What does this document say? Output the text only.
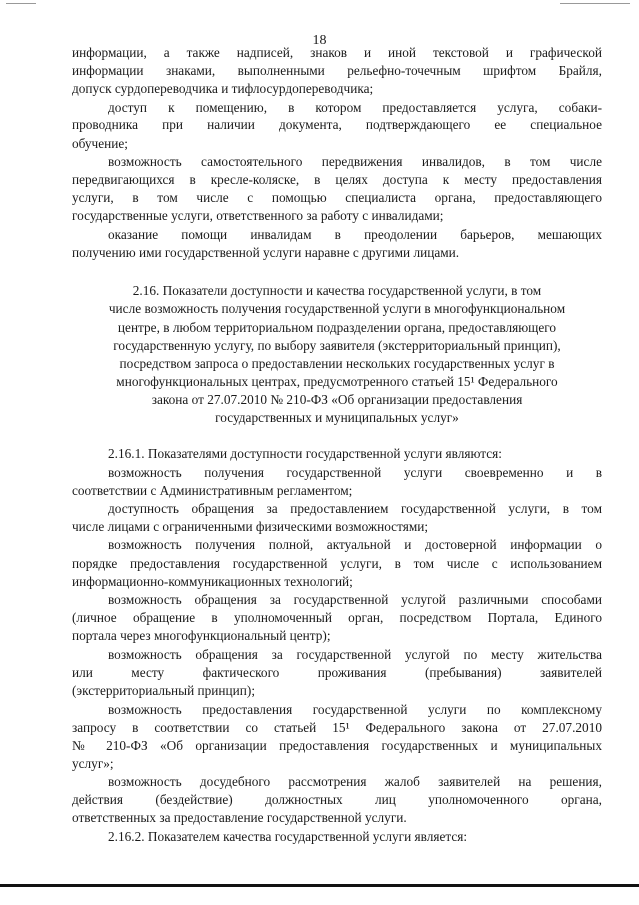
18
информации, а также надписей, знаков и иной текстовой и графической
информации знаками, выполненными рельефно-точечным шрифтом Брайля,
допуск сурдопереводчика и тифлосурдопереводчика;
доступ к помещению, в котором предоставляется услуга, собаки-
проводника при наличии документа, подтверждающего ее специальное
обучение;
возможность самостоятельного передвижения инвалидов, в том числе
передвигающихся в кресле-коляске, в целях доступа к месту предоставления
услуги, в том числе с помощью специалиста органа, предоставляющего
государственные услуги, ответственного за работу с инвалидами;
оказание помощи инвалидам в преодолении барьеров, мешающих
получению ими государственной услуги наравне с другими лицами.
2.16. Показатели доступности и качества государственной услуги, в том
числе возможность получения государственной услуги в многофункциональном
центре, в любом территориальном подразделении органа, предоставляющего
государственную услугу, по выбору заявителя (экстерриториальный принцип),
посредством запроса о предоставлении нескольких государственных услуг в
многофункциональных центрах, предусмотренного статьей 15¹ Федерального
закона от 27.07.2010 № 210-ФЗ «Об организации предоставления
государственных и муниципальных услуг»
2.16.1. Показателями доступности государственной услуги являются:
возможность получения государственной услуги своевременно и в
соответствии с Административным регламентом;
доступность обращения за предоставлением государственной услуги, в том
числе лицами с ограниченными физическими возможностями;
возможность получения полной, актуальной и достоверной информации о
порядке предоставления государственной услуги, в том числе с использованием
информационно-коммуникационных технологий;
возможность обращения за государственной услугой различными способами
(личное обращение в уполномоченный орган, посредством Портала, Единого
портала через многофункциональный центр);
возможность обращения за государственной услугой по месту жительства
или месту фактического проживания (пребывания) заявителей
(экстерриториальный принцип);
возможность предоставления государственной услуги по комплексному
запросу в соответствии со статьей 15¹ Федерального закона от 27.07.2010
№ 210-ФЗ «Об организации предоставления государственных и муниципальных
услуг»;
возможность досудебного рассмотрения жалоб заявителей на решения,
действия (бездействие) должностных лиц уполномоченного органа,
ответственных за предоставление государственной услуги.
2.16.2. Показателем качества государственной услуги является:
